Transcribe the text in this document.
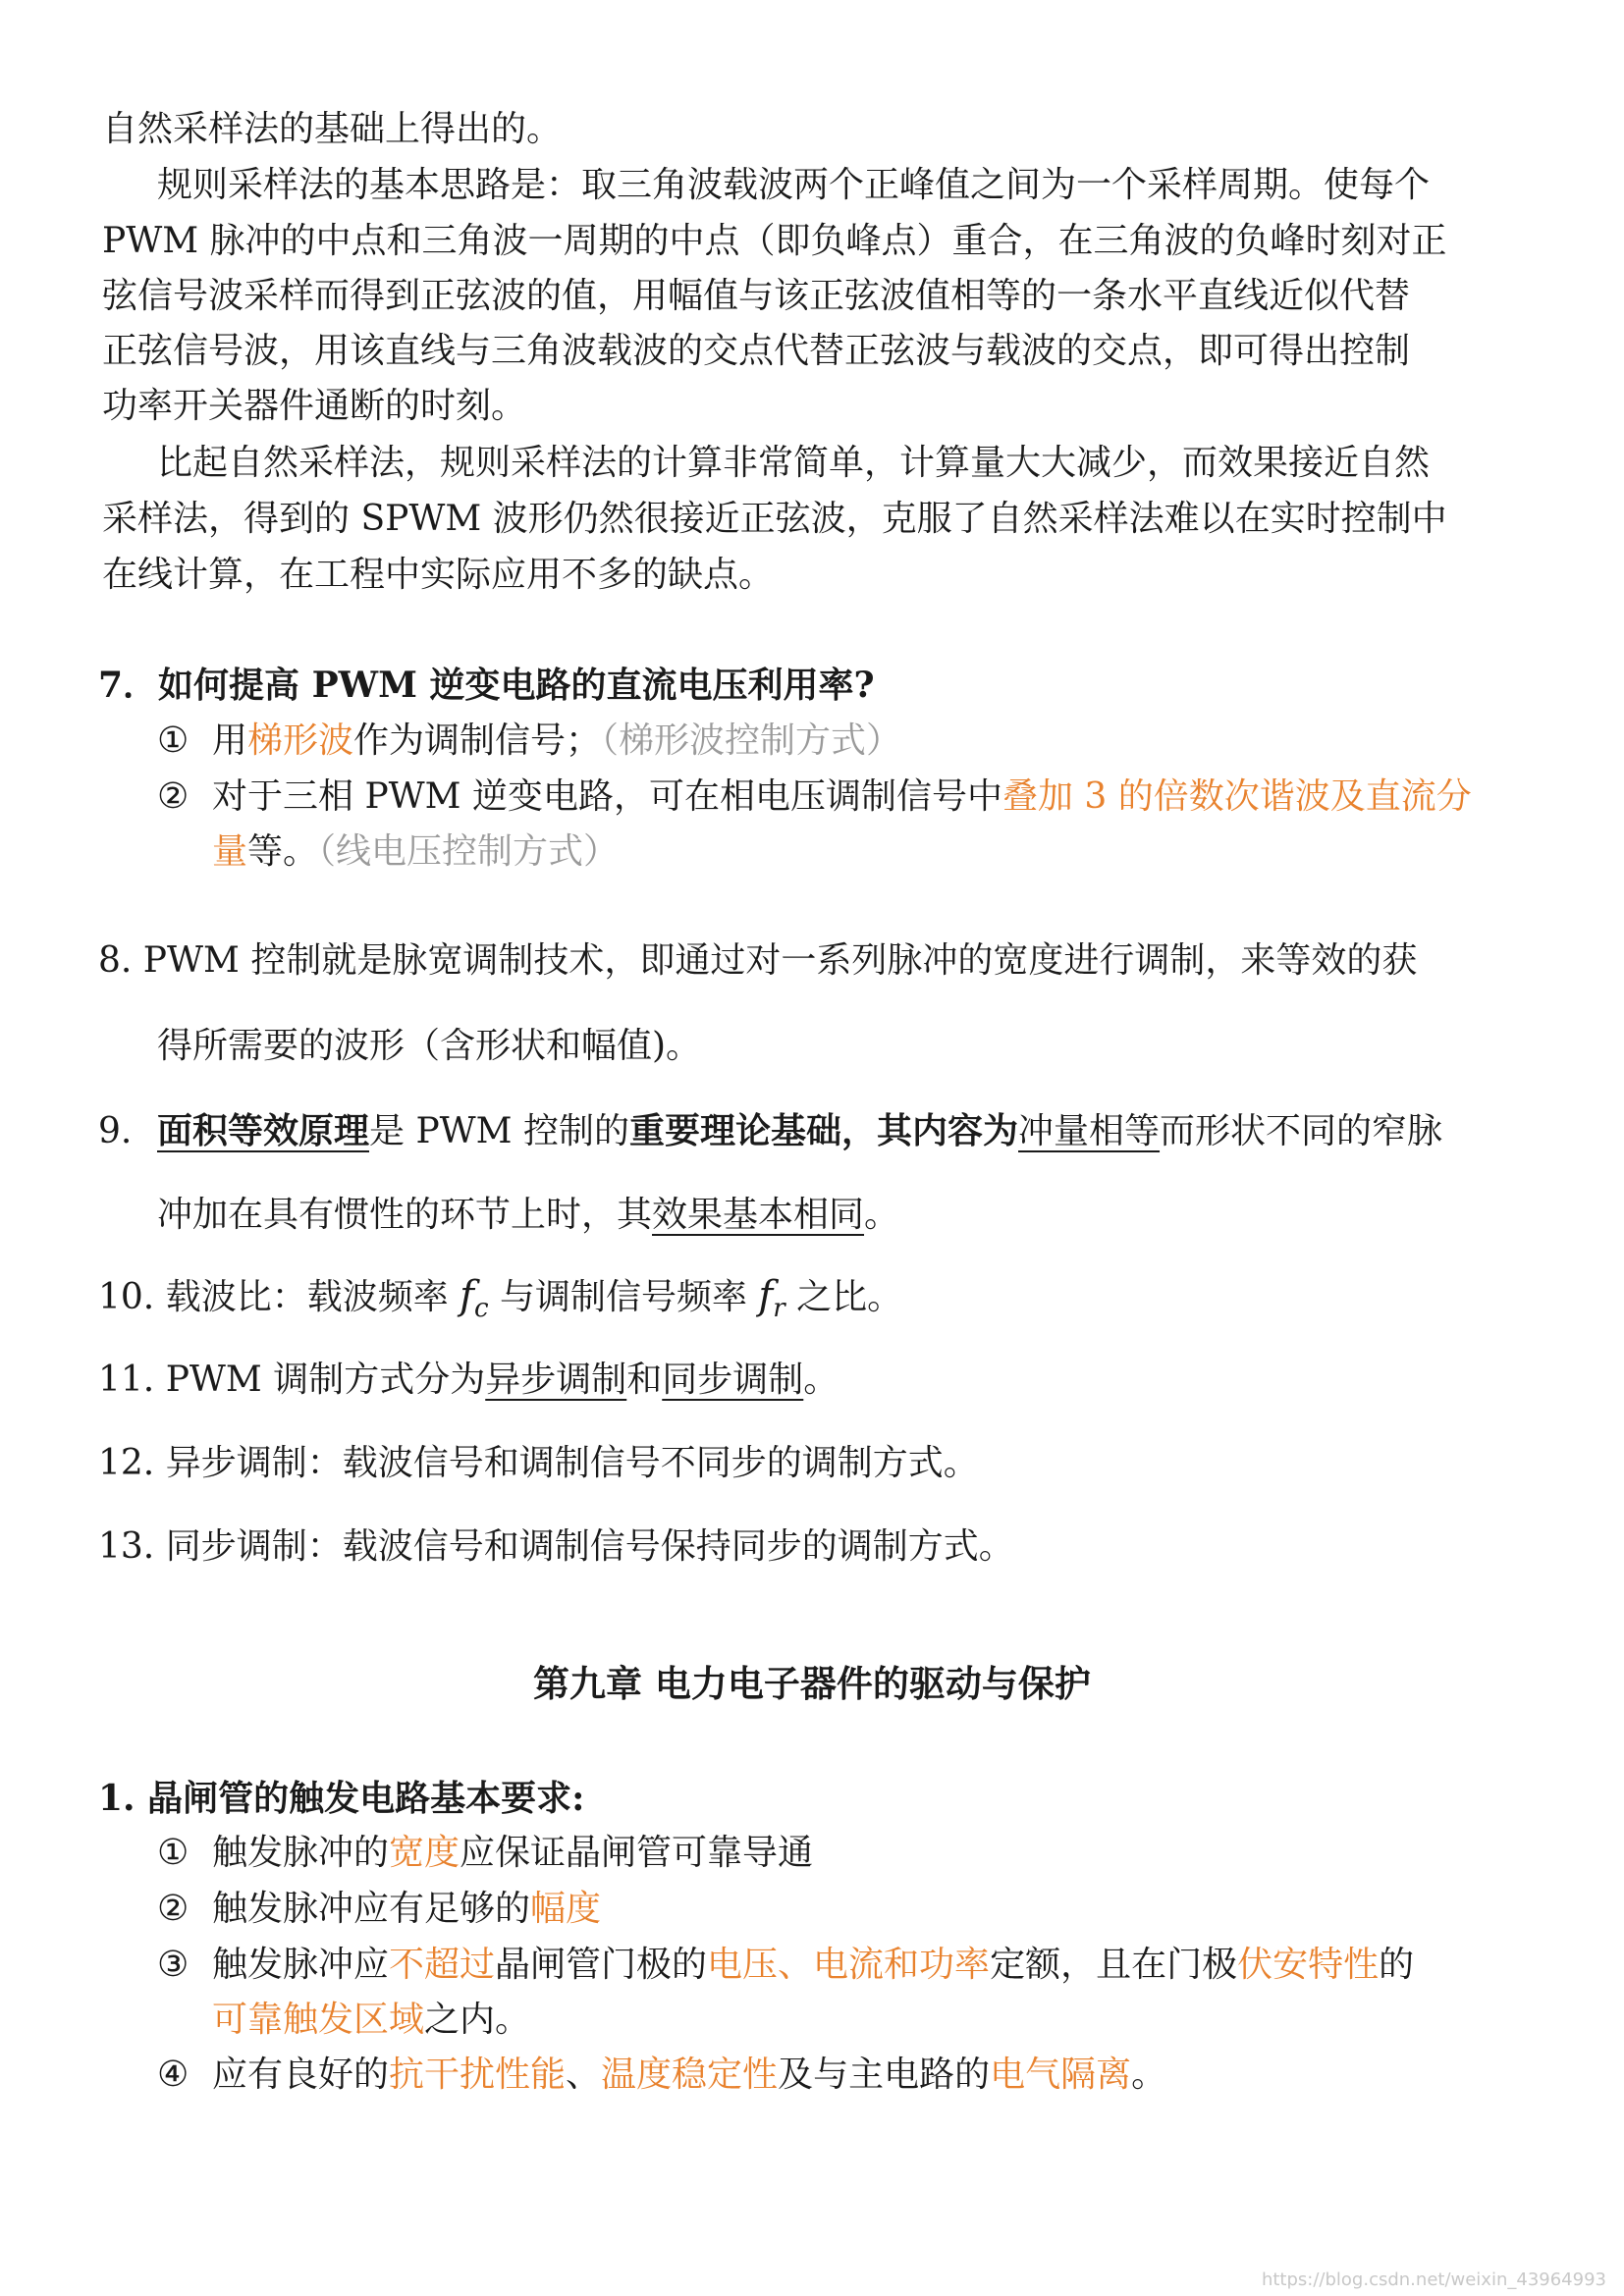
自然采样法的基础上得出的。
规则采样法的基本思路是：取三角波载波两个正峰值之间为一个采样周期。使每个
PWM 脉冲的中点和三角波一周期的中点（即负峰点）重合，在三角波的负峰时刻对正
弦信号波采样而得到正弦波的值，用幅值与该正弦波值相等的一条水平直线近似代替
正弦信号波，用该直线与三角波载波的交点代替正弦波与载波的交点，即可得出控制
功率开关器件通断的时刻。
比起自然采样法，规则采样法的计算非常简单，计算量大大减少，而效果接近自然
采样法，得到的 SPWM 波形仍然很接近正弦波，克服了自然采样法难以在实时控制中
在线计算，在工程中实际应用不多的缺点。
7．如何提高 PWM 逆变电路的直流电压利用率?
① 用梯形波作为调制信号；（梯形波控制方式）
② 对于三相 PWM 逆变电路，可在相电压调制信号中叠加 3 的倍数次谐波及直流分
量等。（线电压控制方式）
8. PWM 控制就是脉宽调制技术，即通过对一系列脉冲的宽度进行调制，来等效的获
得所需要的波形（含形状和幅值)。
9. 面积等效原理是 PWM 控制的重要理论基础，其内容为冲量相等而形状不同的窄脉
冲加在具有惯性的环节上时，其效果基本相同。
10. 载波比：载波频率 $f_c$ 与调制信号频率 $f_r$ 之比。
11. PWM 调制方式分为异步调制和同步调制。
12. 异步调制：载波信号和调制信号不同步的调制方式。
13. 同步调制：载波信号和调制信号保持同步的调制方式。
第九章 电力电子器件的驱动与保护
1. 晶闸管的触发电路基本要求:
① 触发脉冲的宽度应保证晶闸管可靠导通
② 触发脉冲应有足够的幅度
③ 触发脉冲应不超过晶闸管门极的电压、电流和功率定额，且在门极伏安特性的
可靠触发区域之内。
④ 应有良好的抗干扰性能、温度稳定性及与主电路的电气隔离。
https://blog.csdn.net/weixin_43964993
